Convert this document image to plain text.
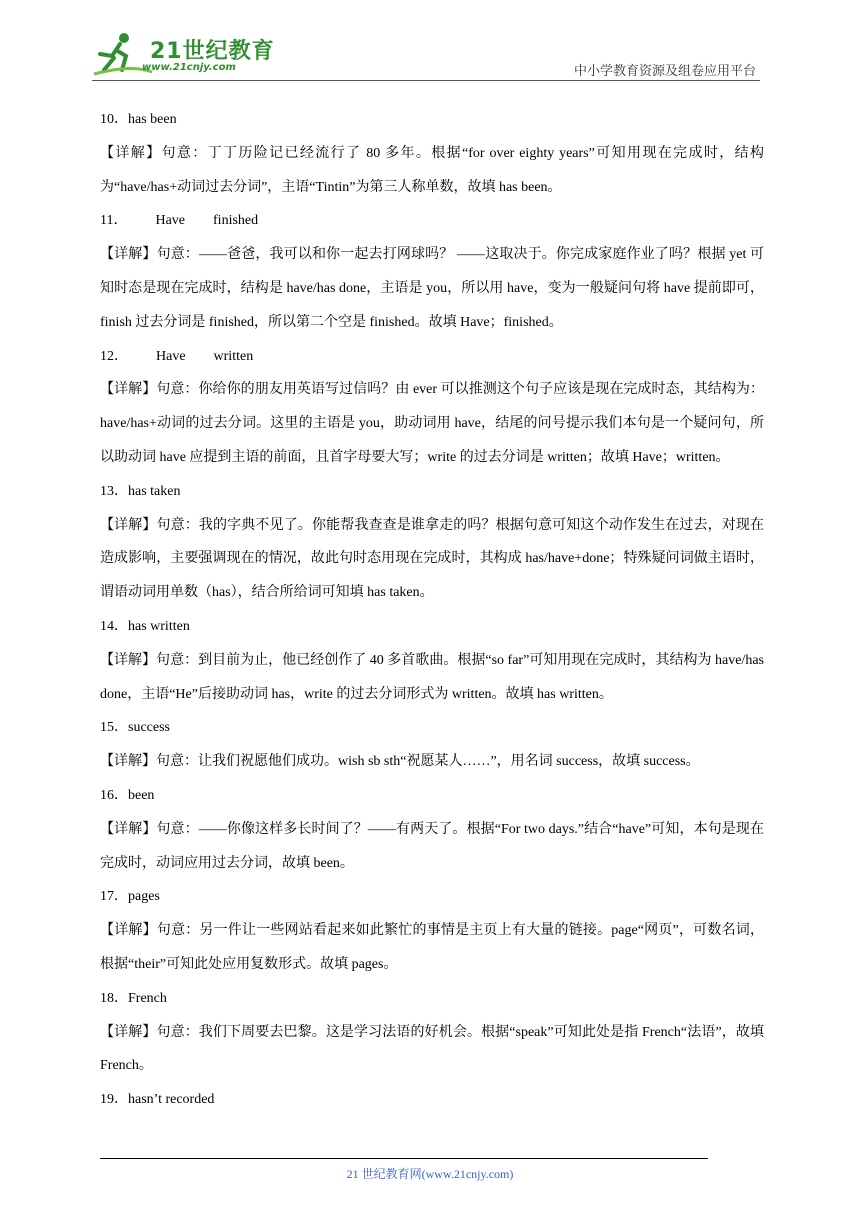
21世纪教育
www.21cnjy.com	中小学教育资源及组卷应用平台

10．has been

【详解】句意：丁丁历险记已经流行了 80 多年。根据“for over eighty years”可知用现在完成时，结构为“have/has+动词过去分词”，主语“Tintin”为第三人称单数，故填 has been。

11．        Have        finished

【详解】句意：——爸爸，我可以和你一起去打网球吗？ ——这取决于。你完成家庭作业了吗？根据 yet 可知时态是现在完成时，结构是 have/has done，主语是 you，所以用 have，变为一般疑问句将 have 提前即可，finish 过去分词是 finished，所以第二个空是 finished。故填 Have；finished。

12．        Have        written

【详解】句意：你给你的朋友用英语写过信吗？由 ever 可以推测这个句子应该是现在完成时态，其结构为：have/has+动词的过去分词。这里的主语是 you，助动词用 have，结尾的问号提示我们本句是一个疑问句，所以助动词 have 应提到主语的前面，且首字母要大写；write 的过去分词是 written；故填 Have；written。

13．has taken

【详解】句意：我的字典不见了。你能帮我查查是谁拿走的吗？根据句意可知这个动作发生在过去，对现在造成影响，主要强调现在的情况，故此句时态用现在完成时，其构成 has/have+done；特殊疑问词做主语时，谓语动词用单数（has），结合所给词可知填 has taken。

14．has written

【详解】句意：到目前为止，他已经创作了 40 多首歌曲。根据“so far”可知用现在完成时，其结构为 have/has done，主语“He”后接助动词 has，write 的过去分词形式为 written。故填 has written。

15．success

【详解】句意：让我们祝愿他们成功。wish sb sth“祝愿某人……”，用名词 success，故填 success。

16．been

【详解】句意：——你像这样多长时间了？——有两天了。根据“For two days.”结合“have”可知，本句是现在完成时，动词应用过去分词，故填 been。

17．pages

【详解】句意：另一件让一些网站看起来如此繁忙的事情是主页上有大量的链接。page“网页”，可数名词，根据“their”可知此处应用复数形式。故填 pages。

18．French

【详解】句意：我们下周要去巴黎。这是学习法语的好机会。根据“speak”可知此处是指 French“法语”，故填 French。

19．hasn’t recorded

21 世纪教育网(www.21cnjy.com)
